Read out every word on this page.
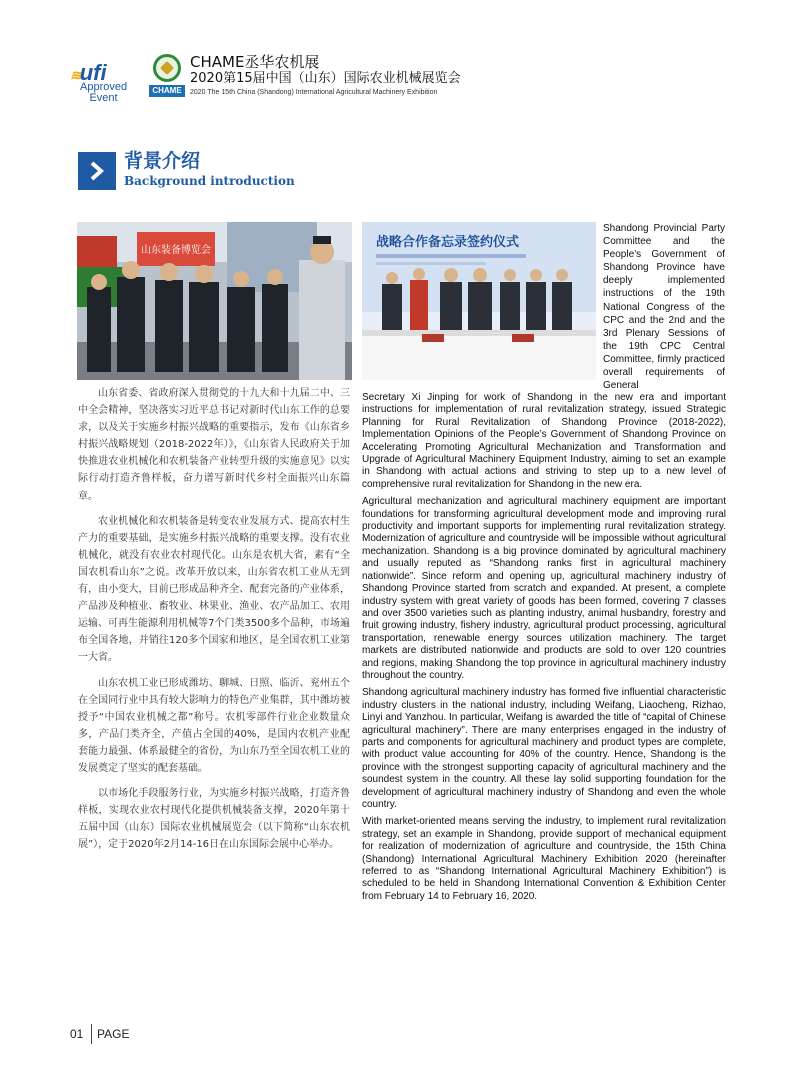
≋ufi
Approved
Event
CHAME
CHAME丞华农机展
2020第15届中国（山东）国际农业机械展览会
2020 The 15th China (Shandong) International Agricultural Machinery Exhibition
背景介绍
Background introduction
山东装备博览会
战略合作备忘录签约仪式

山东省委、省政府深入贯彻党的十九大和十九届二中、三中全会精神，坚决落实习近平总书记对新时代山东工作的总要求，以及关于实施乡村振兴战略的重要指示，发布《山东省乡村振兴战略规划（2018-2022年）》，《山东省人民政府关于加快推进农业机械化和农机装备产业转型升级的实施意见》以实际行动打造齐鲁样板，奋力谱写新时代乡村全面振兴山东篇章。

农业机械化和农机装备是转变农业发展方式、提高农村生产力的重要基础，是实施乡村振兴战略的重要支撑。没有农业机械化，就没有农业农村现代化。山东是农机大省，素有“全国农机看山东”之说。改革开放以来，山东省农机工业从无到有，由小变大，目前已形成品种齐全、配套完备的产业体系，产品涉及种植业、畜牧业、林果业、渔业、农产品加工、农用运输、可再生能源利用机械等7个门类3500多个品种，市场遍布全国各地，并销往120多个国家和地区，是全国农机工业第一大省。

山东农机工业已形成潍坊、聊城、日照、临沂、兖州五个在全国同行业中具有较大影响力的特色产业集群，其中潍坊被授予“中国农业机械之都”称号。农机零部件行业企业数量众多，产品门类齐全，产值占全国的40%，是国内农机产业配套能力最强、体系最健全的省份，为山东乃至全国农机工业的发展奠定了坚实的配套基础。

以市场化手段服务行业，为实施乡村振兴战略，打造齐鲁样板，实现农业农村现代化提供机械装备支撑，2020年第十五届中国（山东）国际农业机械展览会（以下简称“山东农机展”），定于2020年2月14-16日在山东国际会展中心举办。

Shandong Provincial Party Committee and the People’s Government of Shandong Province have deeply implemented instructions of the 19th National Congress of the CPC and the 2nd and the 3rd Plenary Sessions of the 19th CPC Central Committee, firmly practiced overall requirements of General

Secretary Xi Jinping for work of Shandong in the new era and important instructions for implementation of rural revitalization strategy, issued Strategic Planning for Rural Revitalization of Shandong Province (2018-2022), Implementation Opinions of the People’s Government of Shandong Province on Accelerating Promoting Agricultural Mechanization and Transformation and Upgrade of Agricultural Machinery Equipment Industry, aiming to set an example in Shandong with actual actions and striving to step up to a new level of comprehensive rural revitalization for Shandong in the new era.

Agricultural mechanization and agricultural machinery equipment are important foundations for transforming agricultural development mode and improving rural productivity and important supports for implementing rural revitalization strategy. Modernization of agriculture and countryside will be impossible without agricultural mechanization. Shandong is a big province dominated by agricultural machinery and usually reputed as “Shandong ranks first in agricultural machinery nationwide”. Since reform and opening up, agricultural machinery industry of Shandong Province started from scratch and expanded. At present, a complete industry system with great variety of goods has been formed, covering 7 classes and over 3500 varieties such as planting industry, animal husbandry, forestry and fruit growing industry, fishery industry, agricultural product processing, agricultural transportation, renewable energy sources utilization machinery. The target markets are distributed nationwide and products are sold to over 120 countries and regions, making Shandong the top province in agricultural machinery industry throughout the country.

Shandong agricultural machinery industry has formed five influential characteristic industry clusters in the national industry, including Weifang, Liaocheng, Rizhao, Linyi and Yanzhou. In particular, Weifang is awarded the title of “capital of Chinese agricultural machinery”. There are many enterprises engaged in the industry of parts and components for agricultural machinery and product types are complete, with product value accounting for 40% of the country. Hence, Shandong is the province with the strongest supporting capacity of agricultural machinery and the soundest system in the country. All these lay solid supporting foundation for the development of agricultural machinery industry of Shandong and even the whole country.

With market-oriented means serving the industry, to implement rural revitalization strategy, set an example in Shandong, provide support of mechanical equipment for realization of modernization of agriculture and countryside, the 15th China (Shandong) International Agricultural Machinery Exhibition 2020 (hereinafter referred to as “Shandong International Agricultural Machinery Exhibition”) is scheduled to be held in Shandong International Convention & Exhibition Center from February 14 to February 16, 2020.

01 PAGE
